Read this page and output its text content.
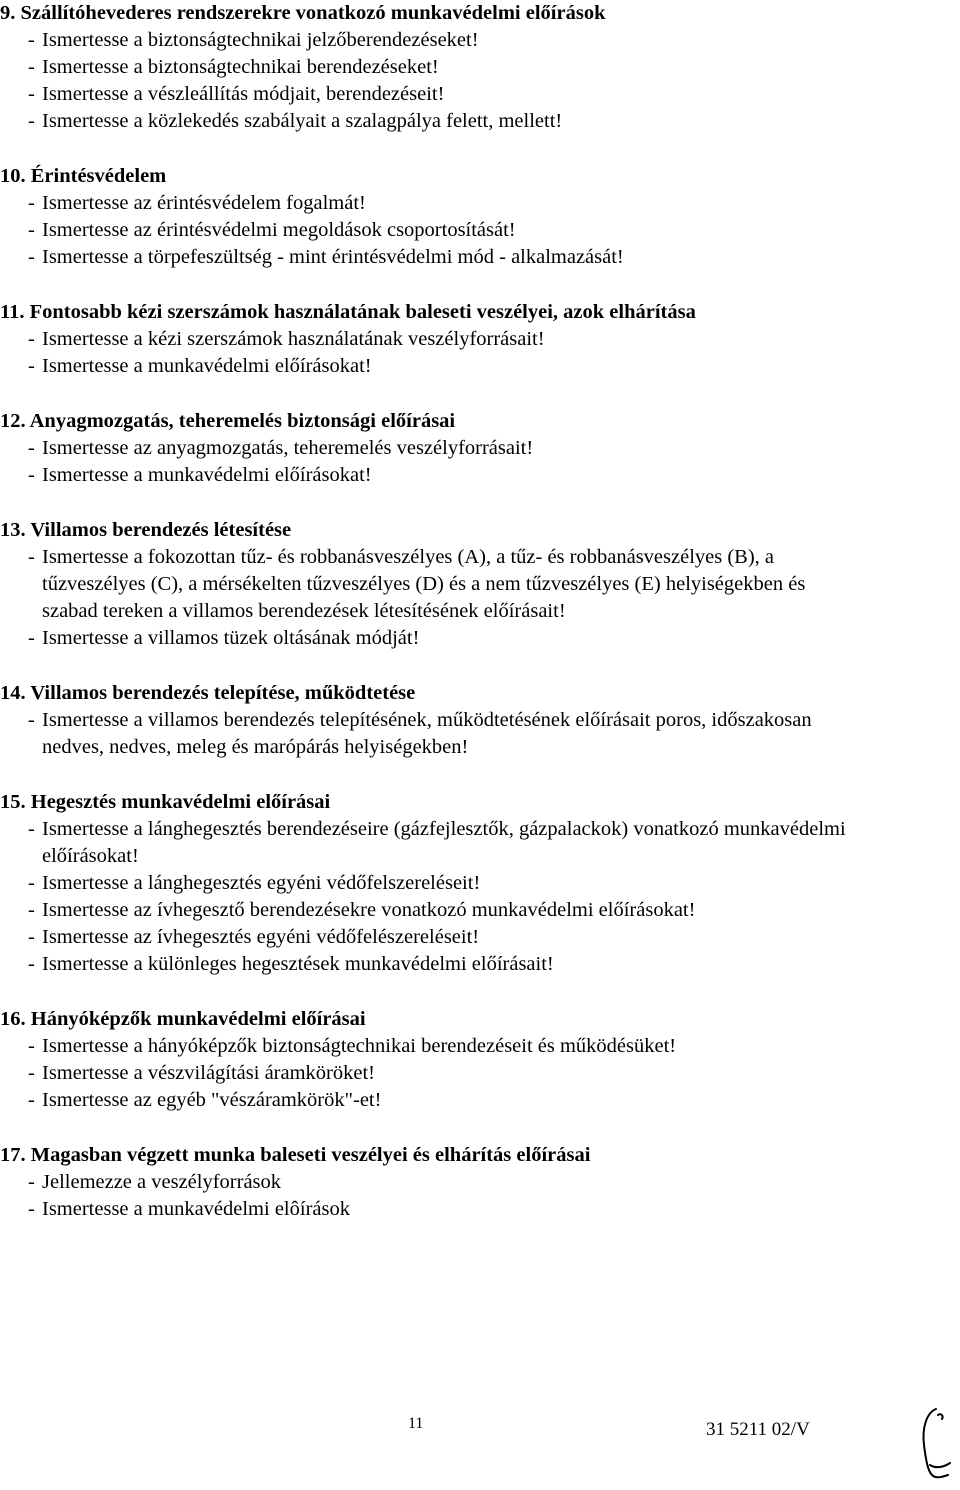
9. Szállítóhevederes rendszerekre vonatkozó munkavédelmi előírások
- Ismertesse a biztonságtechnikai jelzőberendezéseket!
- Ismertesse a biztonságtechnikai berendezéseket!
- Ismertesse a vészleállítás módjait, berendezéseit!
- Ismertesse a közlekedés szabályait a szalagpálya felett, mellett!
10. Érintésvédelem
- Ismertesse az érintésvédelem fogalmát!
- Ismertesse az érintésvédelmi megoldások csoportosítását!
- Ismertesse a törpefeszültség - mint érintésvédelmi mód - alkalmazását!
11. Fontosabb kézi szerszámok használatának baleseti veszélyei, azok elhárítása
- Ismertesse a kézi szerszámok használatának veszélyforrásait!
- Ismertesse a munkavédelmi előírásokat!
12. Anyagmozgatás, teheremelés biztonsági előírásai
- Ismertesse az anyagmozgatás, teheremelés veszélyforrásait!
- Ismertesse a munkavédelmi előírásokat!
13. Villamos berendezés létesítése
- Ismertesse a fokozottan tűz- és robbanásveszélyes (A), a tűz- és robbanásveszélyes (B), a tűzveszélyes (C), a mérsékelten tűzveszélyes (D) és a nem tűzveszélyes (E) helyiségekben és szabad tereken a villamos berendezések létesítésének előírásait!
- Ismertesse a villamos tüzek oltásának módját!
14. Villamos berendezés telepítése, működtetése
- Ismertesse a villamos berendezés telepítésének, működtetésének előírásait poros, időszakosan nedves, nedves, meleg és marópárás helyiségekben!
15. Hegesztés munkavédelmi előírásai
- Ismertesse a lánghegesztés berendezéseire (gázfejlesztők, gázpalackok) vonatkozó munkavédelmi előírásokat!
- Ismertesse a lánghegesztés egyéni védőfelszereléseit!
- Ismertesse az ívhegesztő berendezésekre vonatkozó munkavédelmi előírásokat!
- Ismertesse az ívhegesztés egyéni védőfelészereléseit!
- Ismertesse a különleges hegesztések munkavédelmi előírásait!
16. Hányóképzők munkavédelmi előírásai
- Ismertesse a hányóképzők biztonságtechnikai berendezéseit és működésüket!
- Ismertesse a vészvilágítási áramköröket!
- Ismertesse az egyéb "vészáramkörök"-et!
17. Magasban végzett munka baleseti veszélyei és elhárítás előírásai
- Jellemezze a veszélyforrások
- Ismertesse a munkavédelmi elôírások
11	31 5211 02/V
